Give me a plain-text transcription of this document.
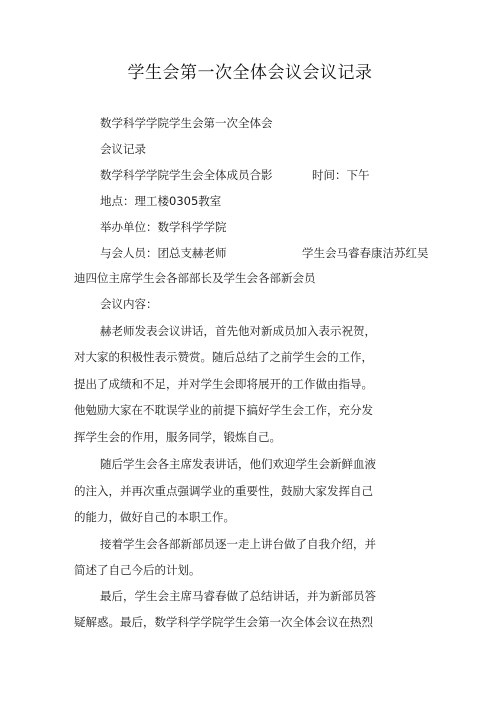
学生会第一次全体会议会议记录
数学科学学院学生会第一次全体会
会议记录
数学科学学院学生会全体成员合影	时间：下午
地点：理工楼0305教室
举办单位：数学科学学院
与会人员：团总支赫老师	学生会马睿春康洁苏红吴
迪四位主席学生会各部部长及学生会各部新会员
会议内容：
赫老师发表会议讲话，首先他对新成员加入表示祝贺，
对大家的积极性表示赞赏。随后总结了之前学生会的工作，
提出了成绩和不足，并对学生会即将展开的工作做由指导。
他勉励大家在不耽误学业的前提下搞好学生会工作，充分发
挥学生会的作用，服务同学，锻炼自己。
随后学生会各主席发表讲话，他们欢迎学生会新鲜血液
的注入，并再次重点强调学业的重要性，鼓励大家发挥自己
的能力，做好自己的本职工作。
接着学生会各部新部员逐一走上讲台做了自我介绍，并
简述了自己今后的计划。
最后，学生会主席马睿春做了总结讲话，并为新部员答
疑解惑。最后，数学科学学院学生会第一次全体会议在热烈
